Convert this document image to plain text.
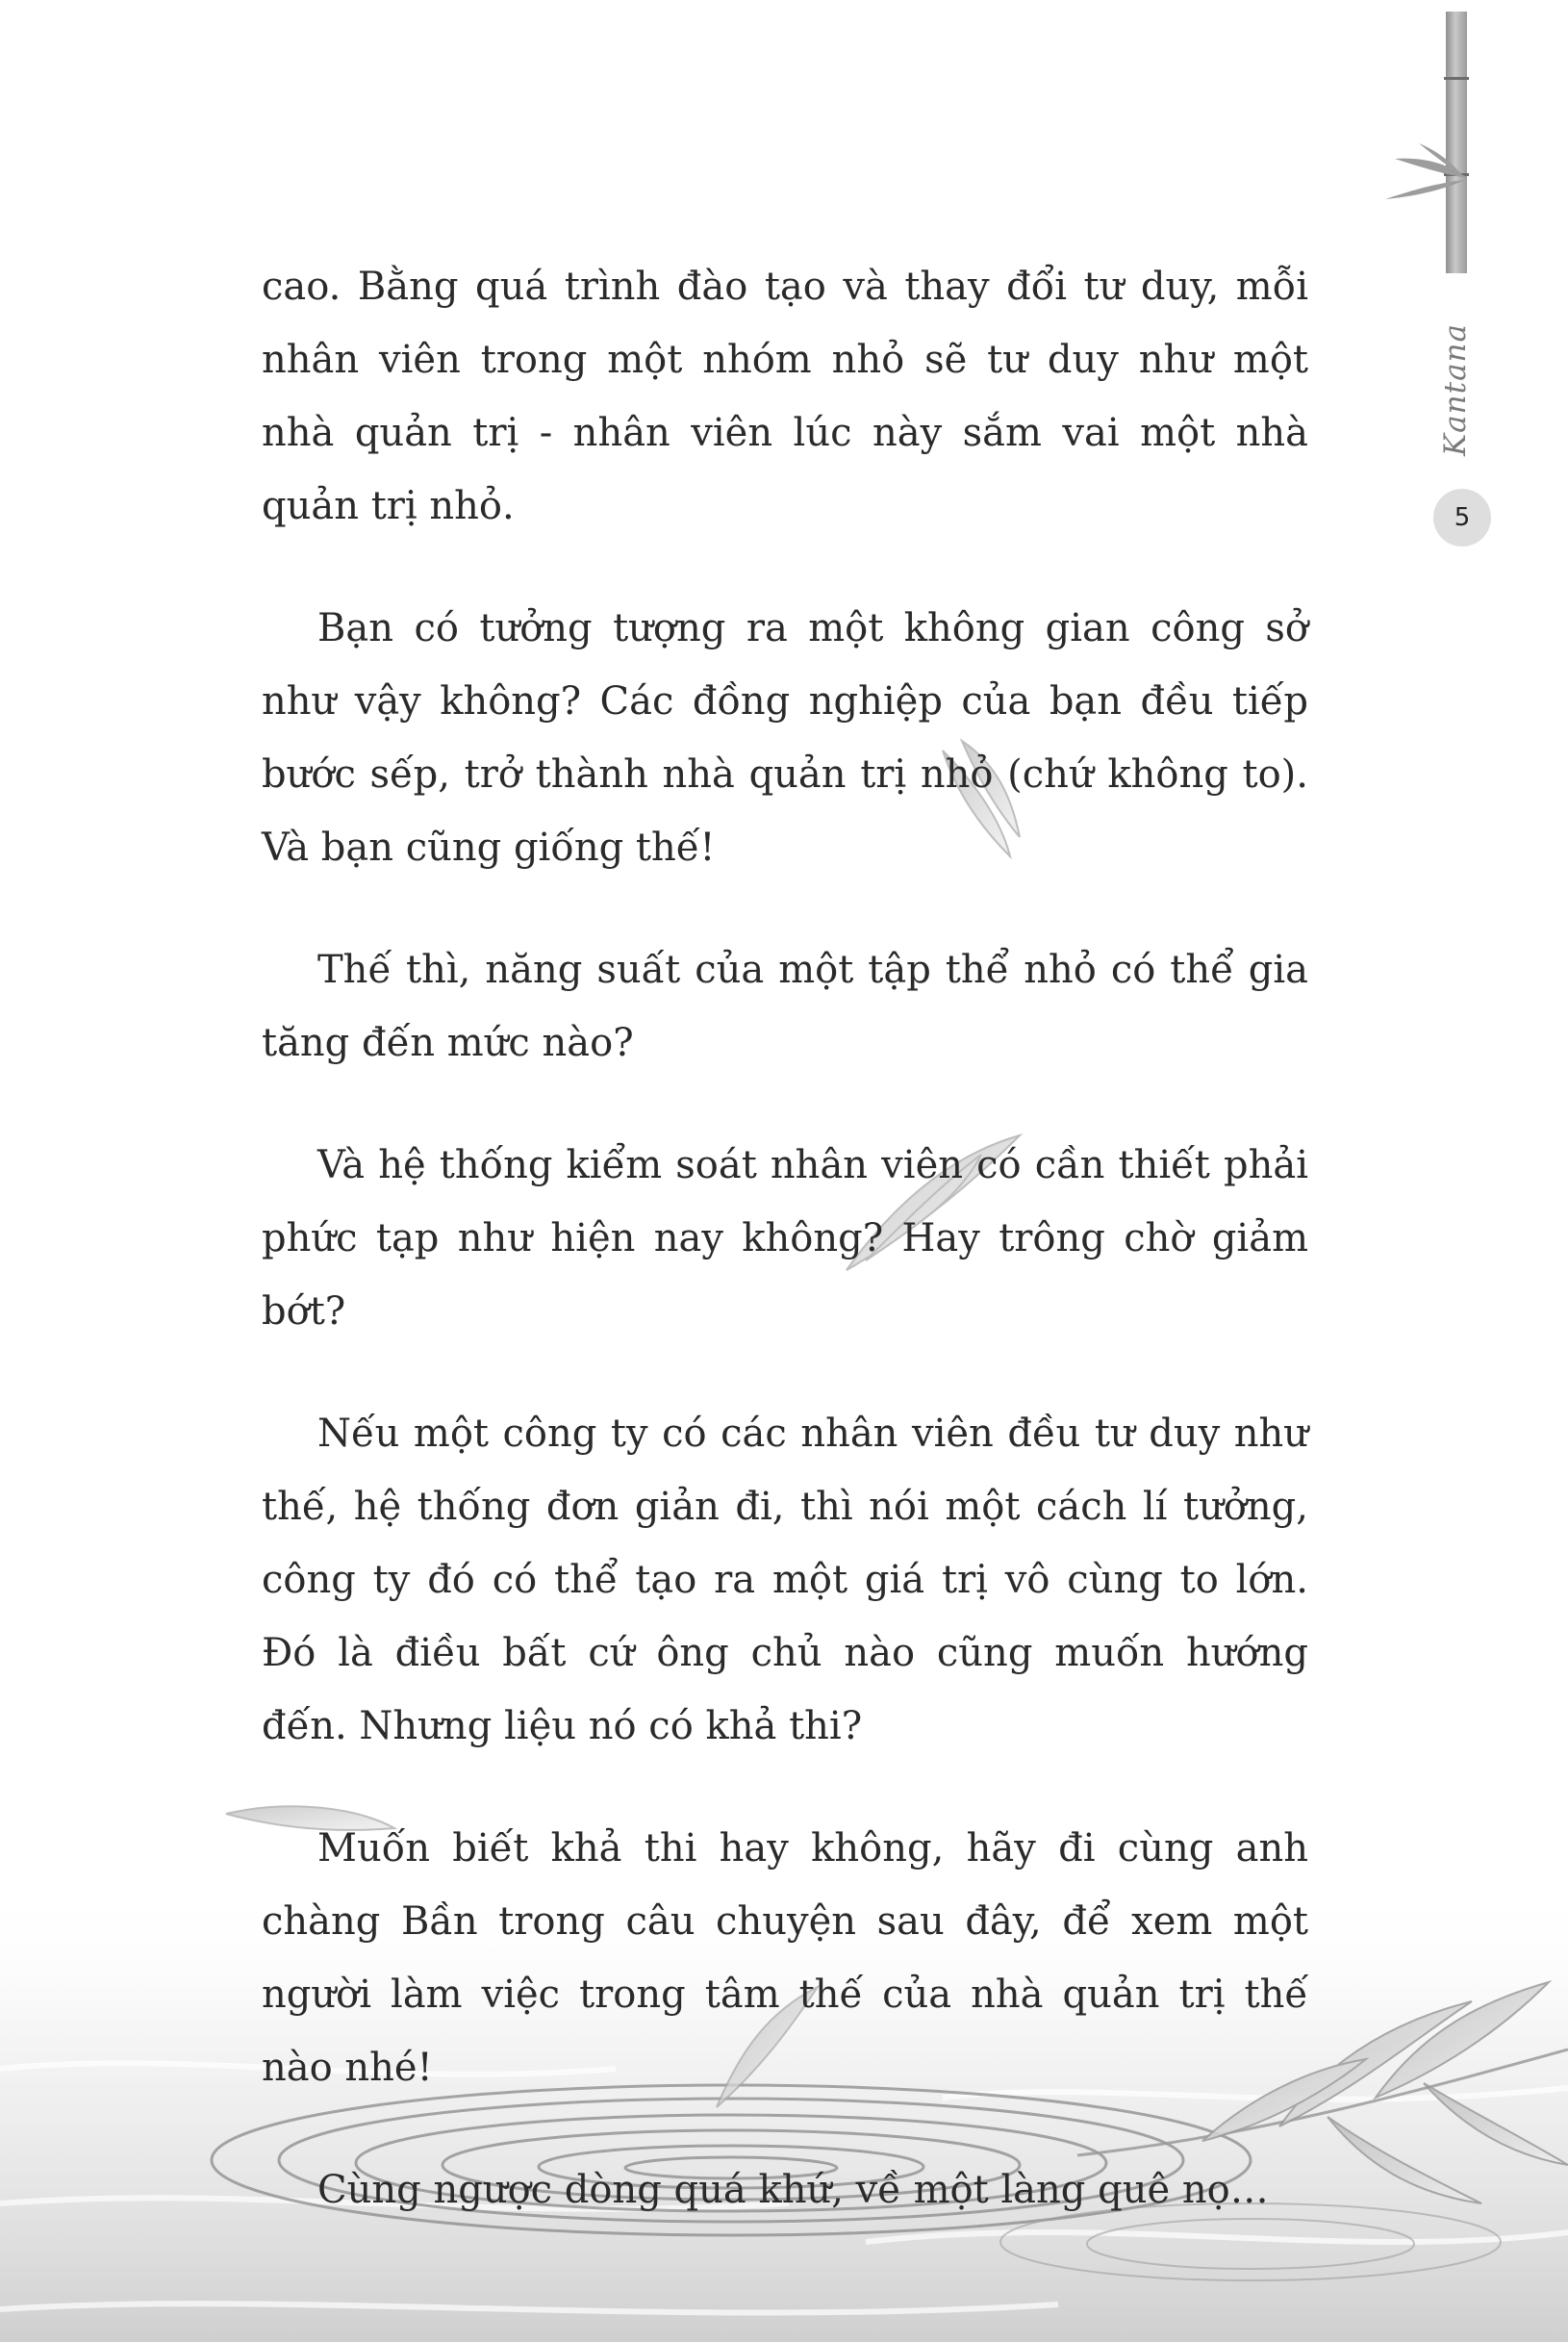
Kantana
5

cao. Bằng quá trình đào tạo và thay đổi tư duy, mỗi nhân viên trong một nhóm nhỏ sẽ tư duy như một nhà quản trị - nhân viên lúc này sắm vai một nhà quản trị nhỏ.

Bạn có tưởng tượng ra một không gian công sở như vậy không? Các đồng nghiệp của bạn đều tiếp bước sếp, trở thành nhà quản trị nhỏ (chứ không to). Và bạn cũng giống thế!

Thế thì, năng suất của một tập thể nhỏ có thể gia tăng đến mức nào?

Và hệ thống kiểm soát nhân viên có cần thiết phải phức tạp như hiện nay không? Hay trông chờ giảm bớt?

Nếu một công ty có các nhân viên đều tư duy như thế, hệ thống đơn giản đi, thì nói một cách lí tưởng, công ty đó có thể tạo ra một giá trị vô cùng to lớn. Đó là điều bất cứ ông chủ nào cũng muốn hướng đến. Nhưng liệu nó có khả thi?

Muốn biết khả thi hay không, hãy đi cùng anh chàng Bần trong câu chuyện sau đây, để xem một người làm việc trong tâm thế của nhà quản trị thế nào nhé!

Cùng ngược dòng quá khứ, về một làng quê nọ…
